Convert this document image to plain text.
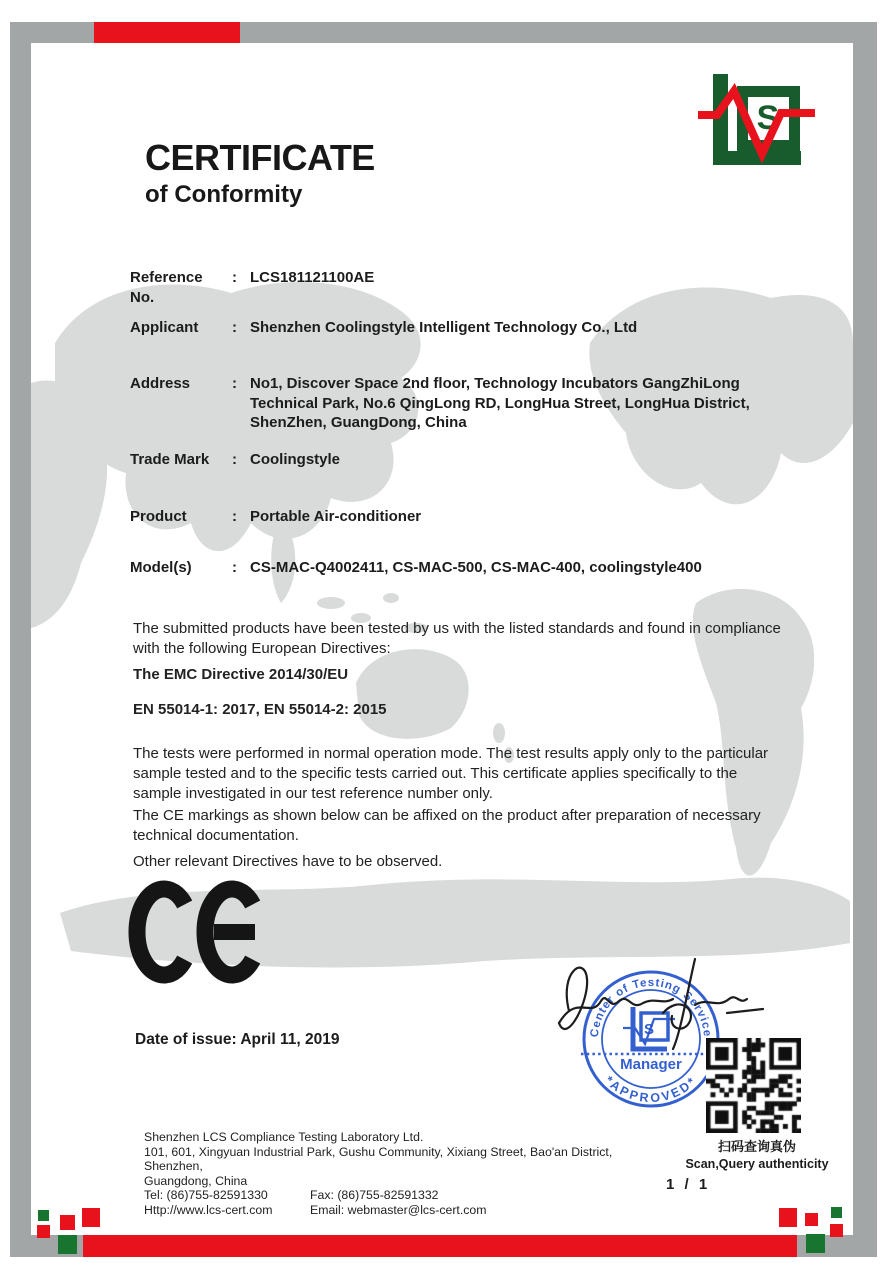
S
CERTIFICATE
of Conformity
Reference No.
: LCS181121100AE
Applicant	: Shenzhen Coolingstyle Intelligent Technology Co., Ltd
Address	: No1, Discover Space 2nd floor, Technology Incubators GangZhiLong Technical Park, No.6 QingLong RD, LongHua Street, LongHua District, ShenZhen, GuangDong, China
Trade Mark	: Coolingstyle
Product	: Portable Air-conditioner
Model(s)	: CS-MAC-Q4002411, CS-MAC-500, CS-MAC-400, coolingstyle400
The submitted products have been tested by us with the listed standards and found in compliance with the following European Directives:
The EMC Directive 2014/30/EU
EN 55014-1: 2017, EN 55014-2: 2015
The tests were performed in normal operation mode. The test results apply only to the particular sample tested and to the specific tests carried out. This certificate applies specifically to the sample investigated in our test reference number only.
The CE markings as shown below can be affixed on the product after preparation of necessary technical documentation.
Other relevant Directives have to be observed.
Date of issue: April 11, 2019	Center of Testing Service
*APPROVED*
Manager
S
扫码查询真伪
Scan,Query authenticity
Shenzhen LCS Compliance Testing Laboratory Ltd.
101, 601, Xingyuan Industrial Park, Gushu Community, Xixiang Street, Bao'an District, Shenzhen,
Guangdong, China
Tel: (86)755-82591330	Fax: (86)755-82591332
Http://www.lcs-cert.com	Email: webmaster@lcs-cert.com
1 / 1
